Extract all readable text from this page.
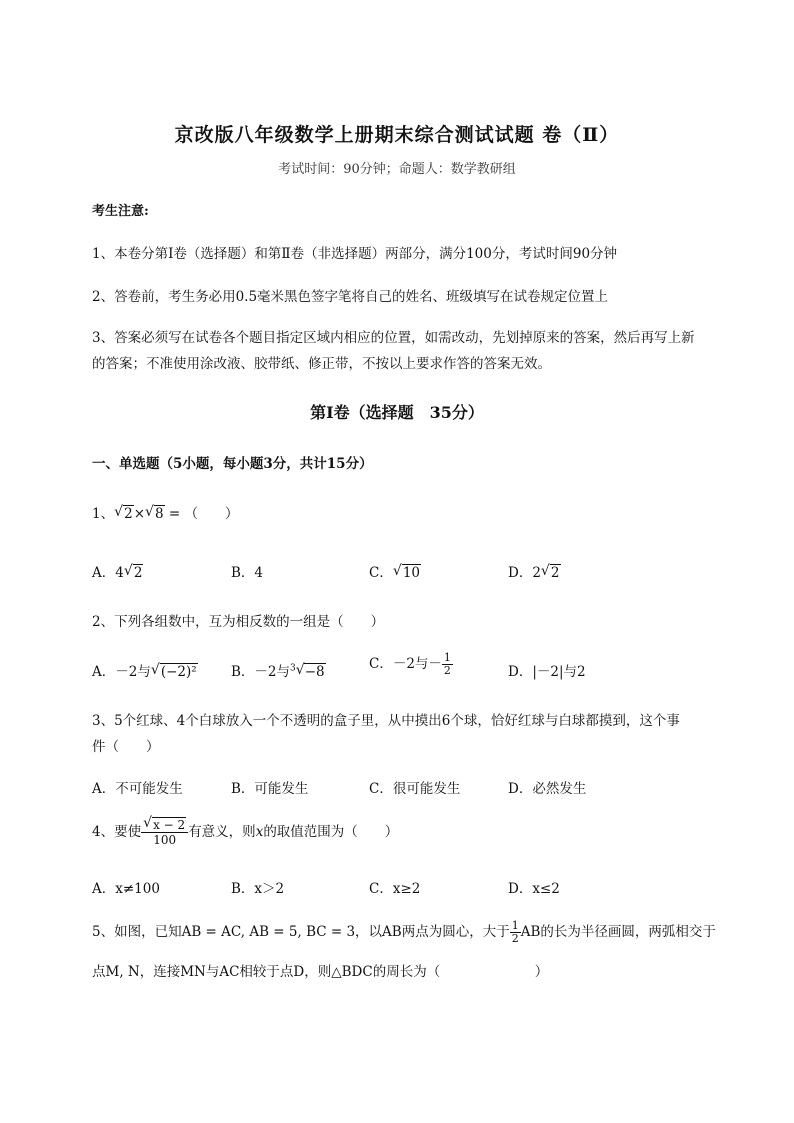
京改版八年级数学上册期末综合测试试题 卷（Ⅱ）
考试时间：90分钟；命题人：数学教研组
考生注意:
1、本卷分第Ⅰ卷（选择题）和第Ⅱ卷（非选择题）两部分，满分100分，考试时间90分钟
2、答卷前，考生务必用0.5毫米黑色签字笔将自己的姓名、班级填写在试卷规定位置上
3、答案必须写在试卷各个题目指定区域内相应的位置，如需改动，先划掉原来的答案，然后再写上新
的答案；不准使用涂改液、胶带纸、修正带，不按以上要求作答的答案无效。
第Ⅰ卷（选择题　35分）
一、单选题（5小题，每小题3分，共计15分）
1、 √ 2× √ 8 = （　　）
A．4 √ 2	B．4	C． √ 10	D．2 √ 2
2、下列各组数中，互为相反数的一组是（　　）
A．－2与 √ (−2)²	B．－2与$^3$ √ −8	C．－2与－ $\frac{1}{2}$	D．|－2|与2
3、5个红球、4个白球放入一个不透明的盒子里，从中摸出6个球，恰好红球与白球都摸到，这个事
件（　　）
A．不可能发生	B．可能发生	C．很可能发生	D．必然发生
4、要使 $\frac{√ x - 2}{100}$ 有意义，则x的取值范围为（　　）
A．x≠100	B．x＞2	C．x≥2	D．x≤2
5、如图，已知AB = AC, AB = 5, BC = 3，以AB两点为圆心，大于 $\frac{1}{2}$ AB的长为半径画圆，两弧相交于
点M, N，连接MN与AC相较于点D，则△BDC的周长为（　　　　　　　）
